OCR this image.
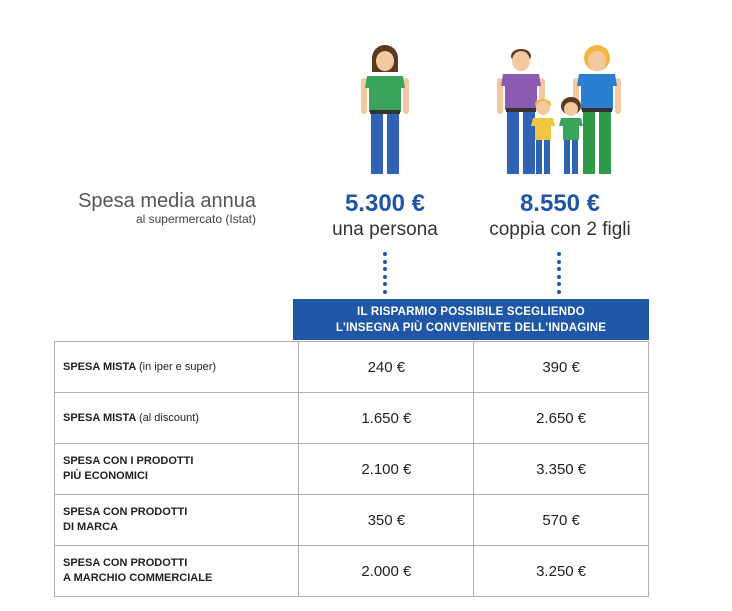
Spesa media annua
al supermercato (Istat)
5.300 €
una persona
8.550 €
coppia con 2 figli
IL RISPARMIO POSSIBILE SCEGLIENDO
L'INSEGNA PIÙ CONVENIENTE DELL'INDAGINE
SPESA MISTA (in iper e super)	240 €	390 €
SPESA MISTA (al discount)	1.650 €	2.650 €
SPESA CON I PRODOTTI
PIÙ ECONOMICI	2.100 €	3.350 €
SPESA CON PRODOTTI
DI MARCA	350 €	570 €
SPESA CON PRODOTTI
A MARCHIO COMMERCIALE	2.000 €	3.250 €
